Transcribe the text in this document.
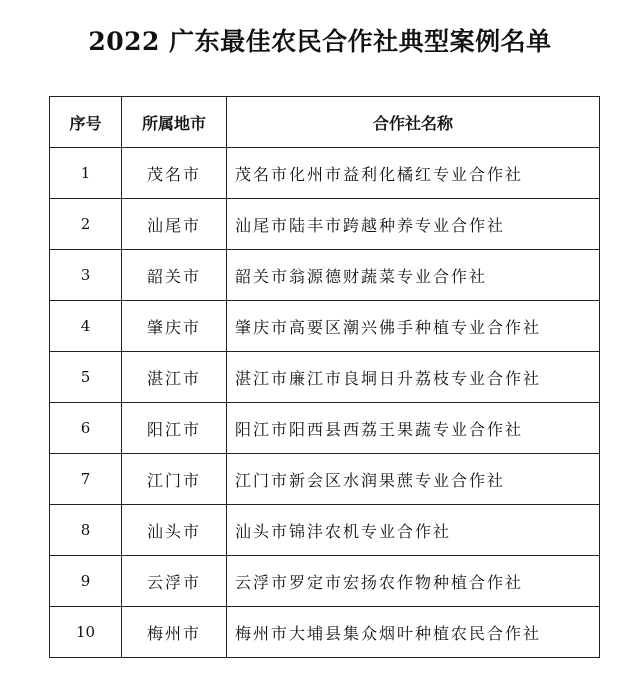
2022 广东最佳农民合作社典型案例名单
序号	所属地市	合作社名称
1	茂名市	茂名市化州市益利化橘红专业合作社
2	汕尾市	汕尾市陆丰市跨越种养专业合作社
3	韶关市	韶关市翁源德财蔬菜专业合作社
4	肇庆市	肇庆市高要区潮兴佛手种植专业合作社
5	湛江市	湛江市廉江市良垌日升荔枝专业合作社
6	阳江市	阳江市阳西县西荔王果蔬专业合作社
7	江门市	江门市新会区水润果蔗专业合作社
8	汕头市	汕头市锦沣农机专业合作社
9	云浮市	云浮市罗定市宏扬农作物种植合作社
10	梅州市	梅州市大埔县集众烟叶种植农民合作社
